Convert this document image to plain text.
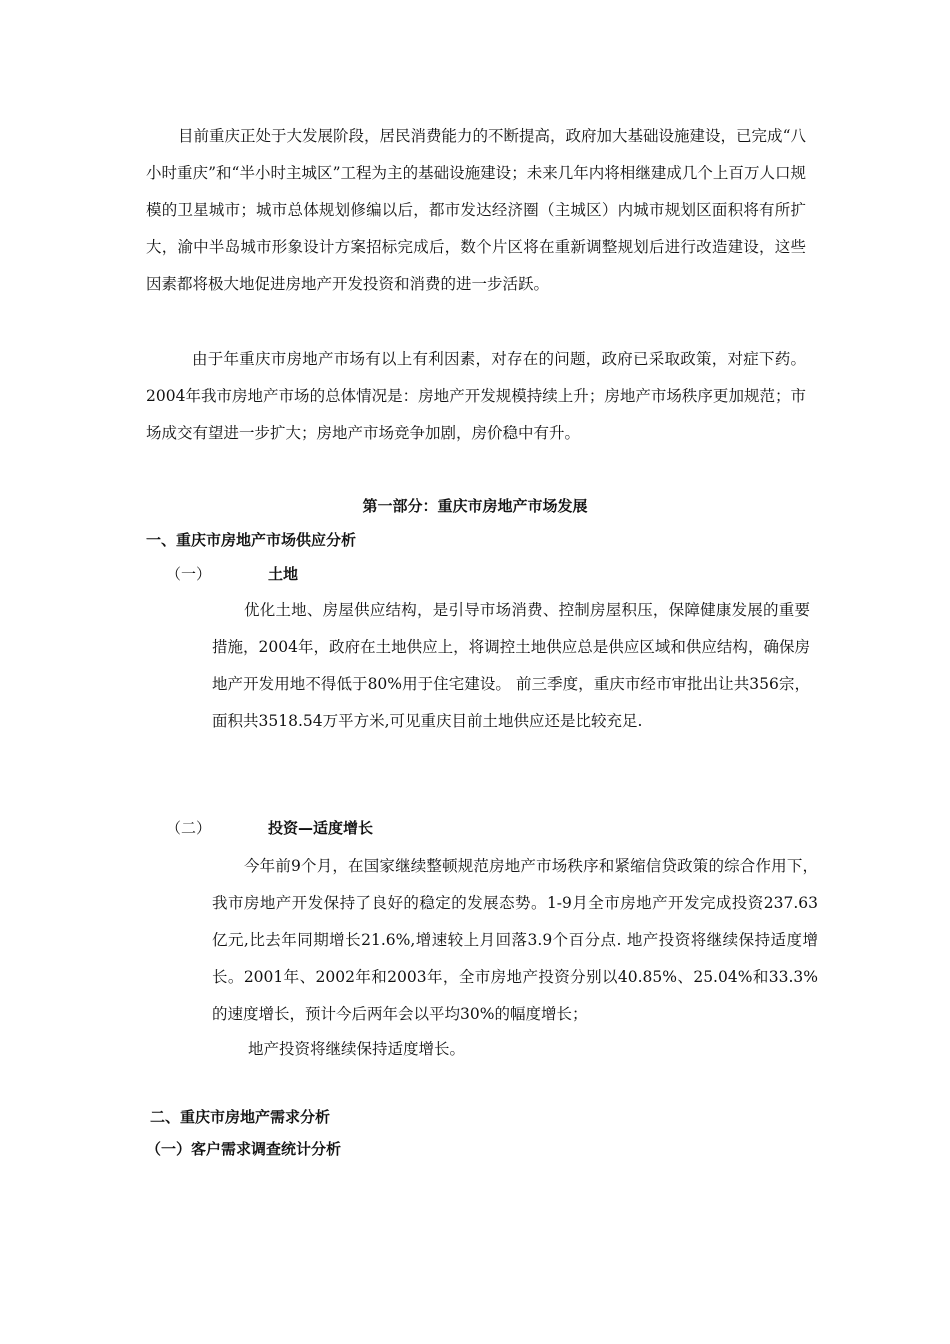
目前重庆正处于大发展阶段，居民消费能力的不断提高，政府加大基础设施建设，已完成“八小时重庆”和“半小时主城区”工程为主的基础设施建设；未来几年内将相继建成几个上百万人口规模的卫星城市；城市总体规划修编以后，都市发达经济圈（主城区）内城市规划区面积将有所扩大，渝中半岛城市形象设计方案招标完成后，数个片区将在重新调整规划后进行改造建设，这些因素都将极大地促进房地产开发投资和消费的进一步活跃。

由于年重庆市房地产市场有以上有利因素，对存在的问题，政府已采取政策，对症下药。2004年我市房地产市场的总体情况是：房地产开发规模持续上升；房地产市场秩序更加规范；市场成交有望进一步扩大；房地产市场竞争加剧，房价稳中有升。

第一部分：重庆市房地产市场发展
一、重庆市房地产市场供应分析
（一）	土地

优化土地、房屋供应结构，是引导市场消费、控制房屋积压，保障健康发展的重要措施，2004年，政府在土地供应上，将调控土地供应总是供应区域和供应结构，确保房地产开发用地不得低于80%用于住宅建设。 前三季度，重庆市经市审批出让共356宗，面积共3518.54万平方米,可见重庆目前土地供应还是比较充足.

（二）	投资—适度增长

今年前9个月，在国家继续整顿规范房地产市场秩序和紧缩信贷政策的综合作用下，我市房地产开发保持了良好的稳定的发展态势。1-9月全市房地产开发完成投资237.63亿元,比去年同期增长21.6%,增速较上月回落3.9个百分点. 地产投资将继续保持适度增长。2001年、2002年和2003年，全市房地产投资分别以40.85%、25.04%和33.3%的速度增长，预计今后两年会以平均30%的幅度增长；

地产投资将继续保持适度增长。

二、重庆市房地产需求分析
（一）客户需求调查统计分析
